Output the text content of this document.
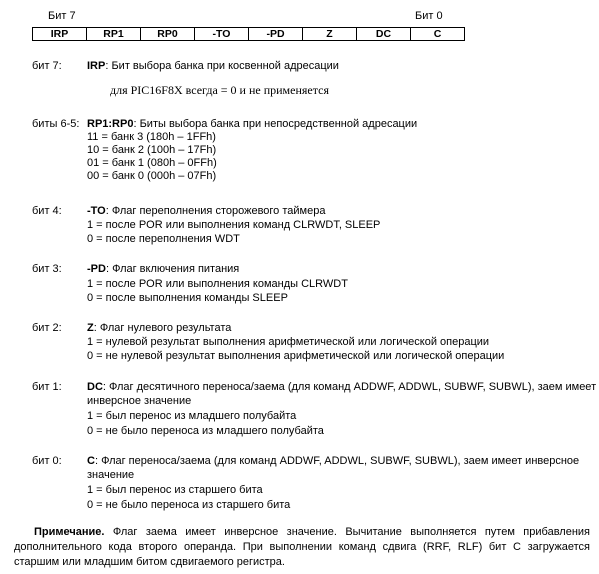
Бит 7	Бит 0
IRP	RP1	RP0	-TO	-PD	Z	DC	C
бит 7: IRP: Бит выбора банка при косвенной адресации
для PIC16F8X всегда = 0 и не применяется
биты 6-5: RP1:RP0: Биты выбора банка при непосредственной адресации
11 = банк 3 (180h – 1FFh)
10 = банк 2 (100h – 17Fh)
01 = банк 1 (080h – 0FFh)
00 = банк 0 (000h – 07Fh)
бит 4: -TO: Флаг переполнения сторожевого таймера
1 = после POR или выполнения команд CLRWDT, SLEEP
0 = после переполнения WDT
бит 3: -PD: Флаг включения питания
1 = после POR или выполнения команды CLRWDT
0 = после выполнения команды SLEEP
бит 2: Z: Флаг нулевого результата
1 = нулевой результат выполнения арифметической или логической операции
0 = не нулевой результат выполнения арифметической или логической операции
бит 1: DC: Флаг десятичного переноса/заема (для команд ADDWF, ADDWL, SUBWF, SUBWL), заем имеет
инверсное значение
1 = был перенос из младшего полубайта
0 = не было переноса из младшего полубайта
бит 0: C: Флаг переноса/заема (для команд ADDWF, ADDWL, SUBWF, SUBWL), заем имеет инверсное
значение
1 = был перенос из старшего бита
0 = не было переноса из старшего бита
Примечание. Флаг заема имеет инверсное значение. Вычитание выполняется путем прибавления дополнительного кода второго операнда. При выполнении команд сдвига (RRF, RLF) бит C загружается старшим или младшим битом сдвигаемого регистра.
